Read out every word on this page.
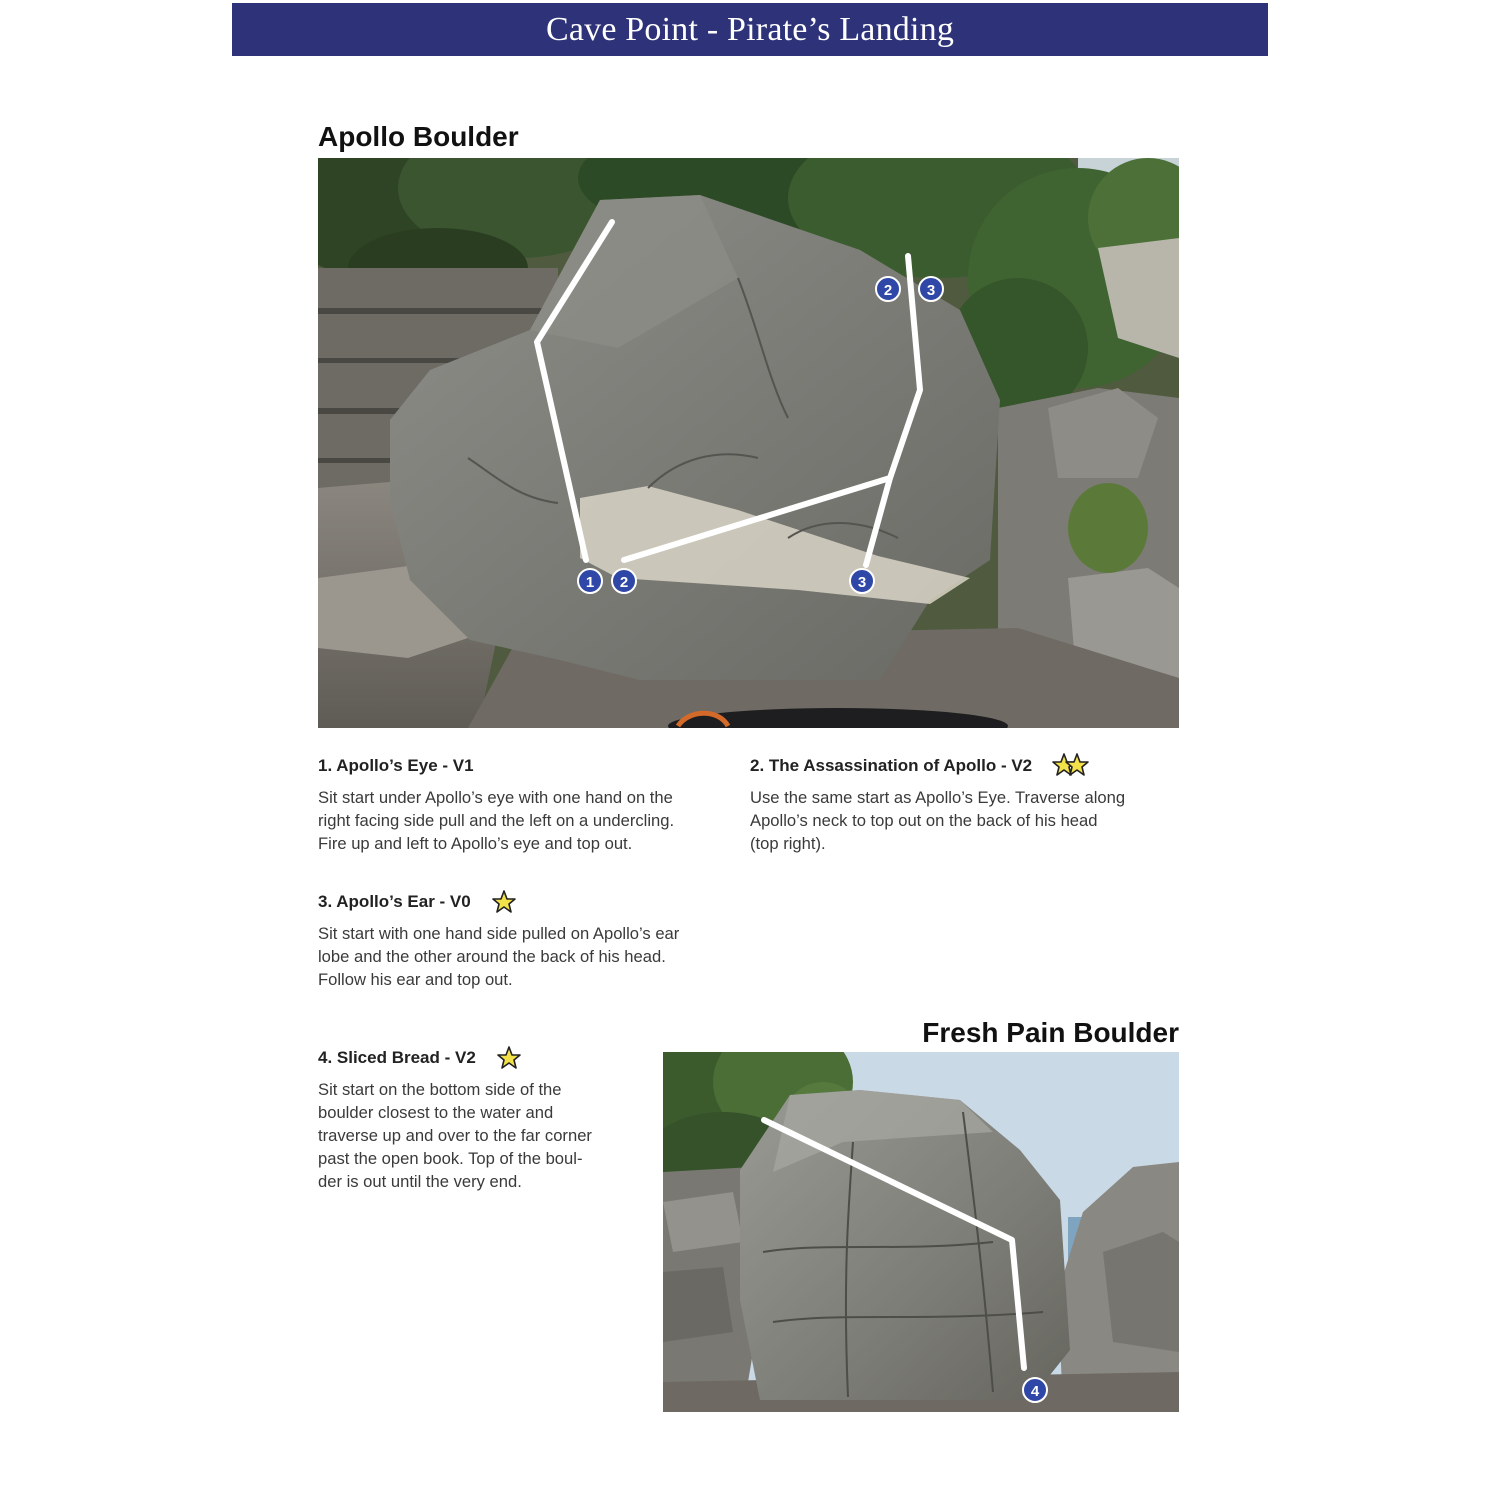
Cave Point - Pirate’s Landing
Apollo Boulder
1 2	3
2 3
1. Apollo’s Eye - V1
Sit start under Apollo’s eye with one hand on the
right facing side pull and the left on a undercling.
Fire up and left to Apollo’s eye and top out.
2. The Assassination of Apollo - V2
Use the same start as Apollo’s Eye. Traverse along
Apollo’s neck to top out on the back of his head
(top right).
3. Apollo’s Ear - V0
Sit start with one hand side pulled on Apollo’s ear
lobe and the other around the back of his head.
Follow his ear and top out.
Fresh Pain Boulder
4. Sliced Bread - V2
Sit start on the bottom side of the
boulder closest to the water and
traverse up and over to the far corner
past the open book. Top of the boul-
der is out until the very end.
4
